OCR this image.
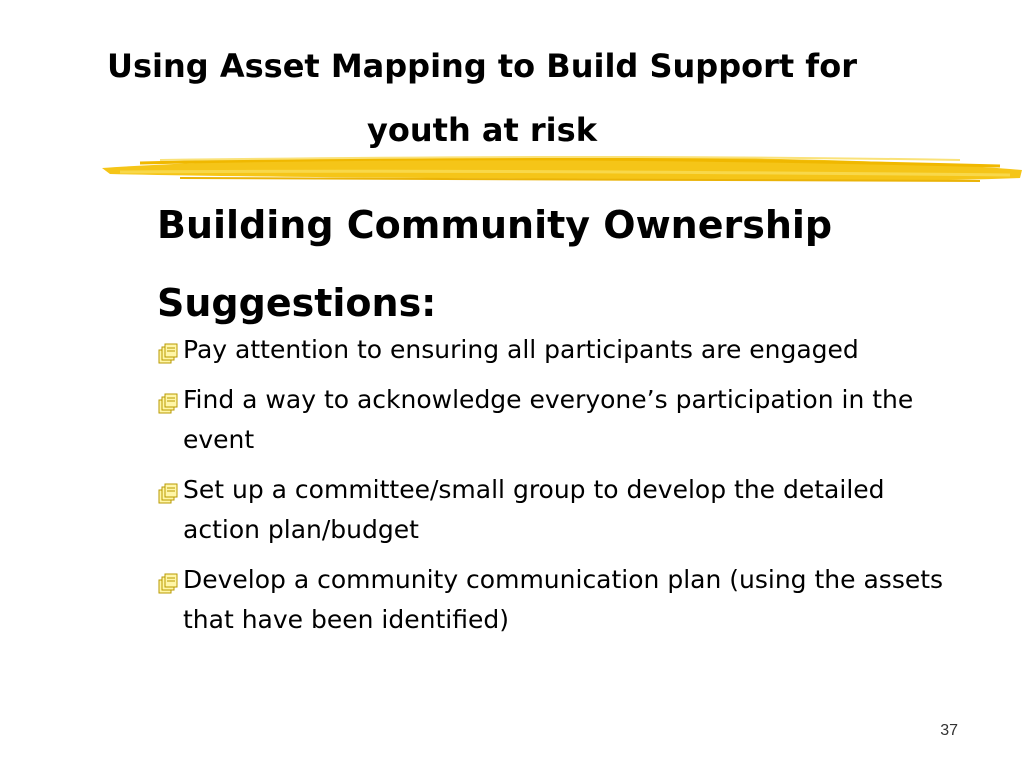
Using Asset Mapping to Build Support for
youth at risk
Building Community Ownership
Suggestions:
Pay attention to ensuring all participants are engaged
Find a way to acknowledge everyone’s participation in the event
Set up a committee/small group to develop the detailed action plan/budget
Develop a community communication plan (using the assets that have been identified)
37
